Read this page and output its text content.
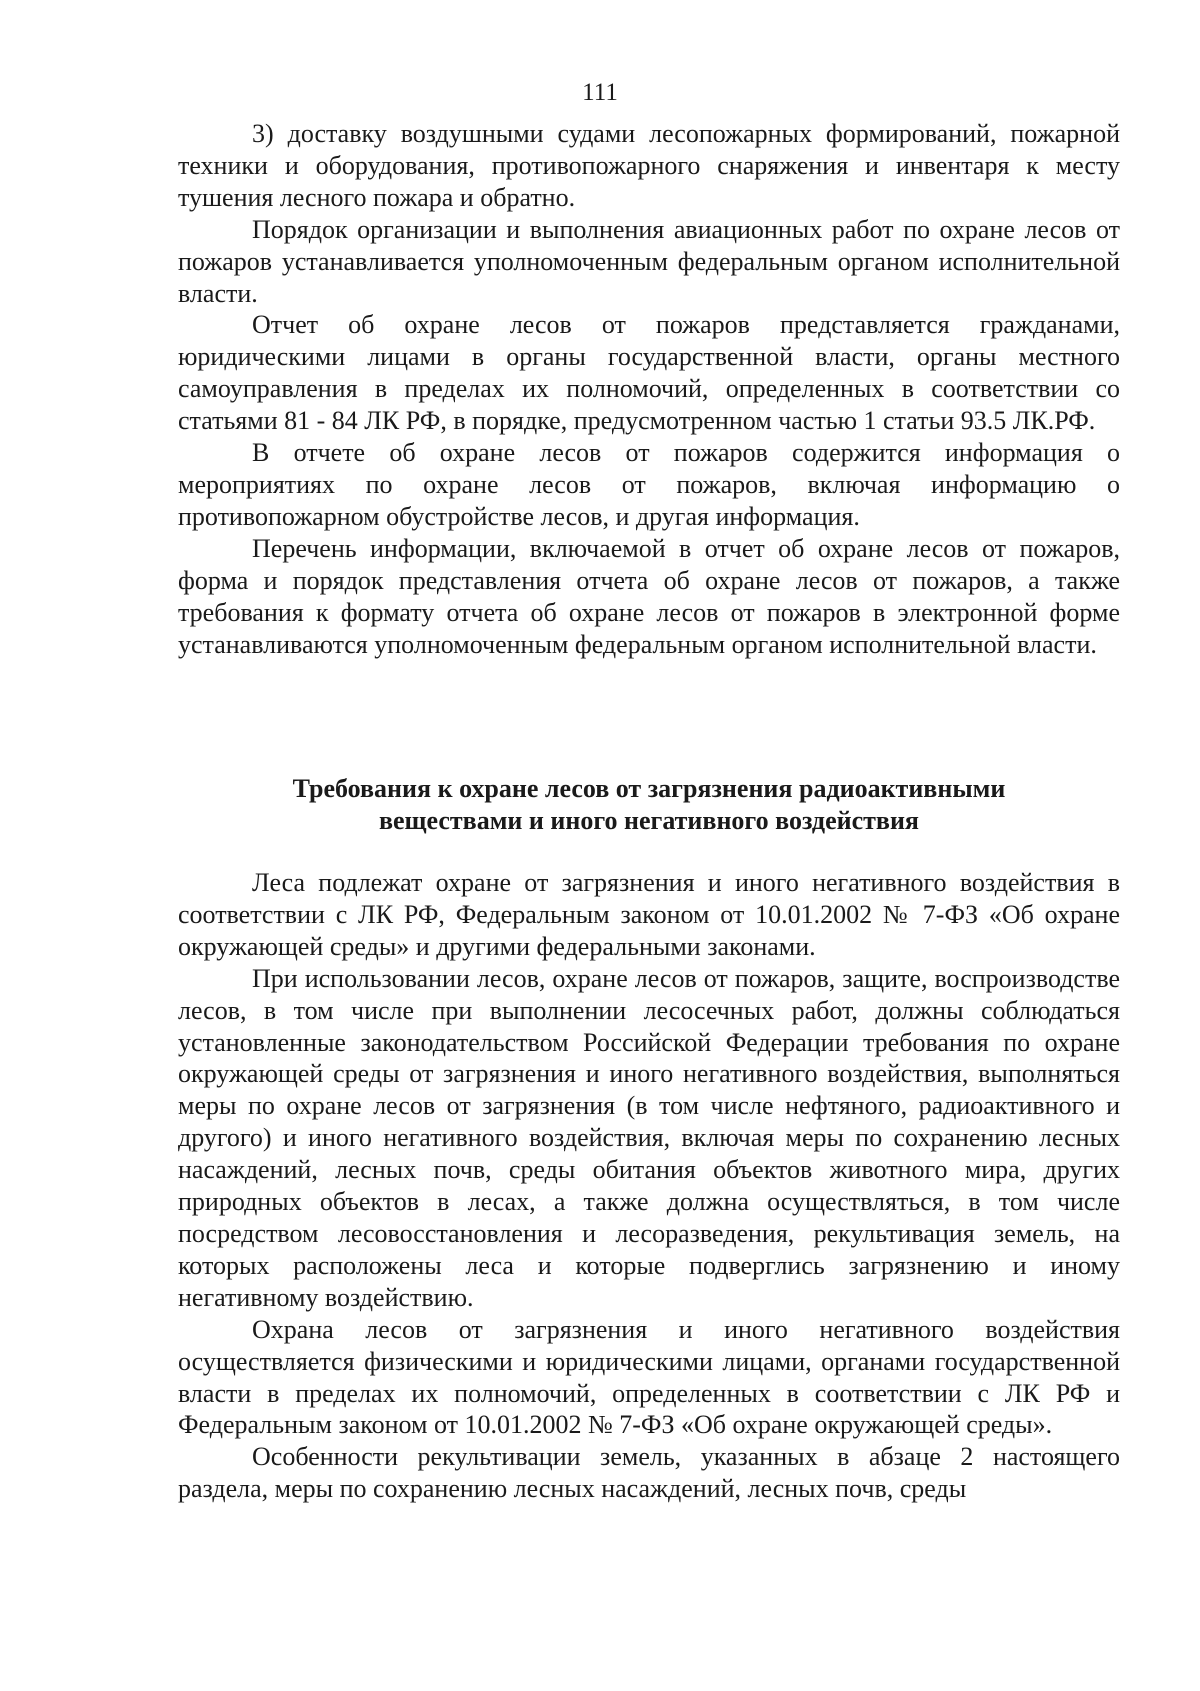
111

3) доставку воздушными судами лесопожарных формирований, пожарной техники и оборудования, противопожарного снаряжения и инвентаря к месту тушения лесного пожара и обратно.

Порядок организации и выполнения авиационных работ по охране лесов от пожаров устанавливается уполномоченным федеральным органом исполнительной власти.

Отчет об охране лесов от пожаров представляется гражданами, юридическими лицами в органы государственной власти, органы местного самоуправления в пределах их полномочий, определенных в соответствии со статьями 81 - 84 ЛК РФ, в порядке, предусмотренном частью 1 статьи 93.5 ЛК.РФ.

В отчете об охране лесов от пожаров содержится информация о мероприятиях по охране лесов от пожаров, включая информацию о противопожарном обустройстве лесов, и другая информация.

Перечень информации, включаемой в отчет об охране лесов от пожаров, форма и порядок представления отчета об охране лесов от пожаров, а также требования к формату отчета об охране лесов от пожаров в электронной форме устанавливаются уполномоченным федеральным органом исполнительной власти.

Требования к охране лесов от загрязнения радиоактивными
веществами и иного негативного воздействия

Леса подлежат охране от загрязнения и иного негативного воздействия в соответствии с ЛК РФ, Федеральным законом от 10.01.2002 № 7-ФЗ «Об охране окружающей среды» и другими федеральными законами.

При использовании лесов, охране лесов от пожаров, защите, воспроизводстве лесов, в том числе при выполнении лесосечных работ, должны соблюдаться установленные законодательством Российской Федерации требования по охране окружающей среды от загрязнения и иного негативного воздействия, выполняться меры по охране лесов от загрязнения (в том числе нефтяного, радиоактивного и другого) и иного негативного воздействия, включая меры по сохранению лесных насаждений, лесных почв, среды обитания объектов животного мира, других природных объектов в лесах, а также должна осуществляться, в том числе посредством лесовосстановления и лесоразведения, рекультивация земель, на которых расположены леса и которые подверглись загрязнению и иному негативному воздействию.

Охрана лесов от загрязнения и иного негативного воздействия осуществляется физическими и юридическими лицами, органами государственной власти в пределах их полномочий, определенных в соответствии с ЛК РФ и Федеральным законом от 10.01.2002 № 7-ФЗ «Об охране окружающей среды».

Особенности рекультивации земель, указанных в абзаце 2 настоящего раздела, меры по сохранению лесных насаждений, лесных почв, среды
